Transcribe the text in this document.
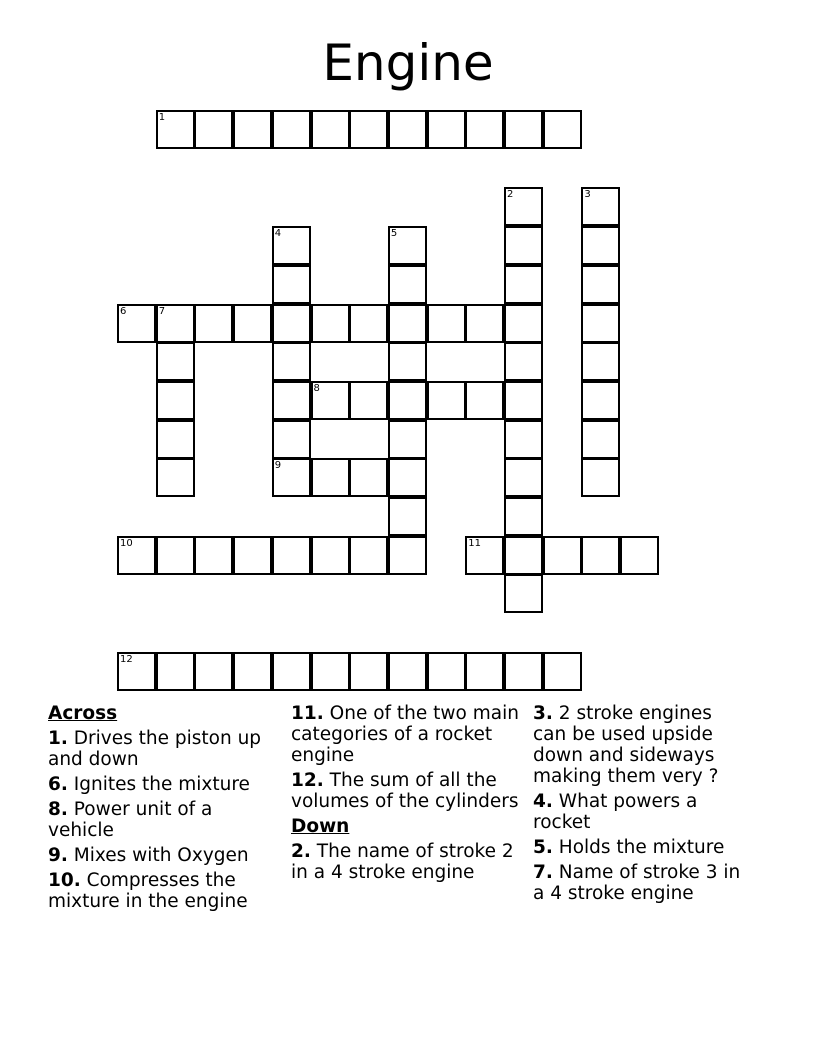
Engine
1
2	3
4	5
6	7
8
9
10	11
12
Across
1. Drives the piston up and down
6. Ignites the mixture
8. Power unit of a vehicle
9. Mixes with Oxygen
10. Compresses the mixture in the engine
11. One of the two main categories of a rocket engine
12. The sum of all the volumes of the cylinders
Down
2. The name of stroke 2 in a 4 stroke engine
3. 2 stroke engines can be used upside down and sideways making them very ?
4. What powers a rocket
5. Holds the mixture
7. Name of stroke 3 in a 4 stroke engine
